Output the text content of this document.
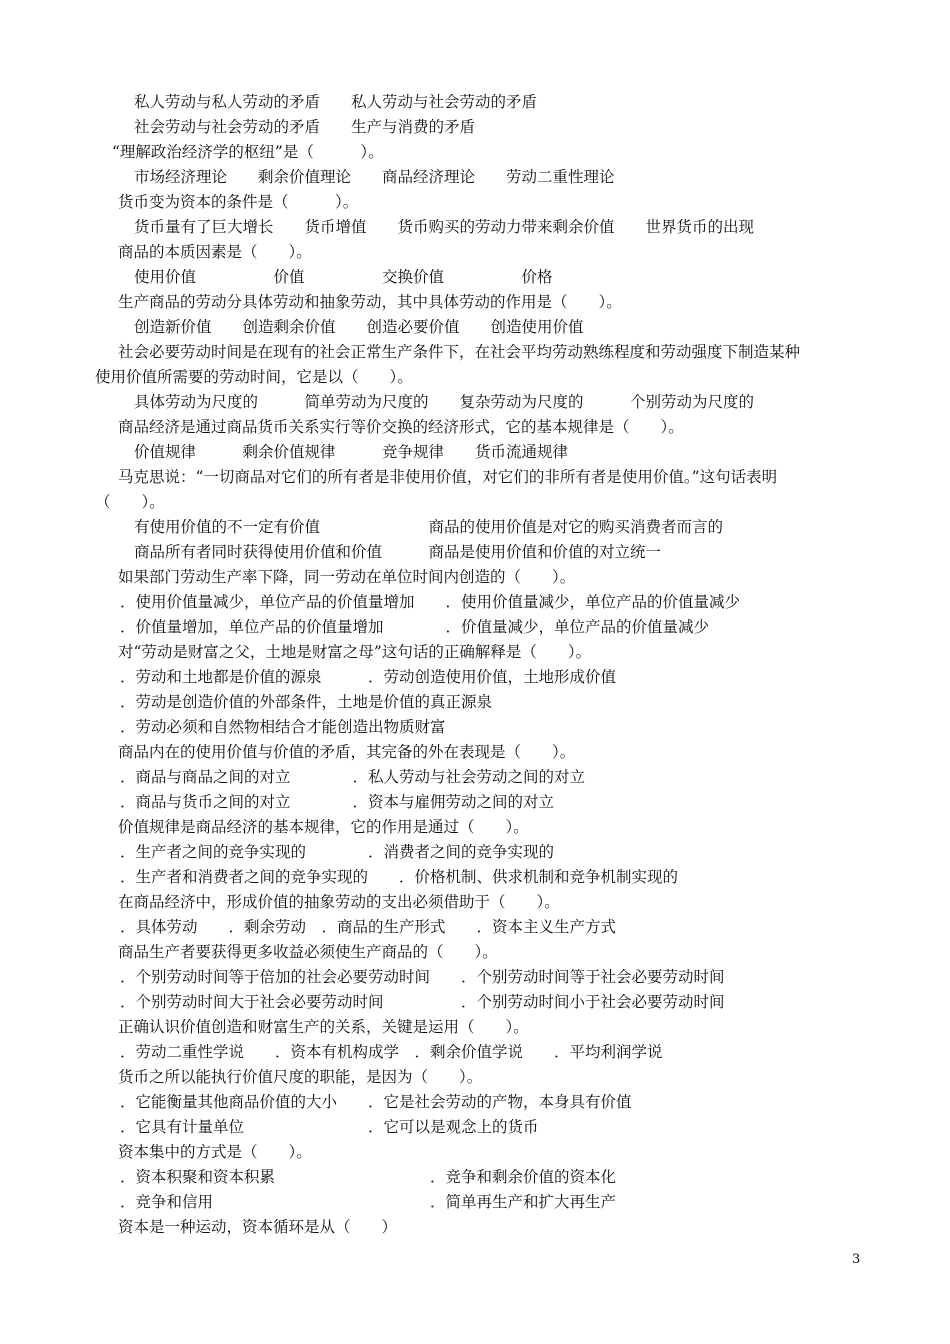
私人劳动与私人劳动的矛盾　　私人劳动与社会劳动的矛盾
社会劳动与社会劳动的矛盾　　生产与消费的矛盾
“理解政治经济学的枢纽”是（　　　）。
市场经济理论　　剩余价值理论　　商品经济理论　　劳动二重性理论
货币变为资本的条件是（　　　）。
货币量有了巨大增长　　货币增值　　货币购买的劳动力带来剩余价值　　世界货币的出现
商品的本质因素是（　　）。
使用价值　　　　　价值　　　　　交换价值　　　　　价格
生产商品的劳动分具体劳动和抽象劳动，其中具体劳动的作用是（　　）。
创造新价值　　创造剩余价值　　创造必要价值　　创造使用价值
社会必要劳动时间是在现有的社会正常生产条件下，在社会平均劳动熟练程度和劳动强度下制造某种
使用价值所需要的劳动时间，它是以（　　）。
具体劳动为尺度的　　　简单劳动为尺度的　　复杂劳动为尺度的　　　个别劳动为尺度的
商品经济是通过商品货币关系实行等价交换的经济形式，它的基本规律是（　　）。
价值规律　　　剩余价值规律　　　竞争规律　　货币流通规律
马克思说：“一切商品对它们的所有者是非使用价值，对它们的非所有者是使用价值。”这句话表明
（　　）。
有使用价值的不一定有价值　　　　　　　商品的使用价值是对它的购买消费者而言的
商品所有者同时获得使用价值和价值　　　商品是使用价值和价值的对立统一
如果部门劳动生产率下降，同一劳动在单位时间内创造的（　　）。
．使用价值量减少，单位产品的价值量增加　　．使用价值量减少，单位产品的价值量减少
．价值量增加，单位产品的价值量增加　　　　．价值量减少，单位产品的价值量减少
对“劳动是财富之父，土地是财富之母”这句话的正确解释是（　　）。
．劳动和土地都是价值的源泉　　　．劳动创造使用价值，土地形成价值
．劳动是创造价值的外部条件，土地是价值的真正源泉
．劳动必须和自然物相结合才能创造出物质财富
商品内在的使用价值与价值的矛盾，其完备的外在表现是（　　）。
．商品与商品之间的对立　　　　．私人劳动与社会劳动之间的对立
．商品与货币之间的对立　　　　．资本与雇佣劳动之间的对立
价值规律是商品经济的基本规律，它的作用是通过（　　）。
．生产者之间的竞争实现的　　　　．消费者之间的竞争实现的
．生产者和消费者之间的竞争实现的　　．价格机制、供求机制和竞争机制实现的
在商品经济中，形成价值的抽象劳动的支出必须借助于（　　）。
．具体劳动　　．剩余劳动　．商品的生产形式　　．资本主义生产方式
商品生产者要获得更多收益必须使生产商品的（　　）。
．个别劳动时间等于倍加的社会必要劳动时间　　．个别劳动时间等于社会必要劳动时间
．个别劳动时间大于社会必要劳动时间　　　　　．个别劳动时间小于社会必要劳动时间
正确认识价值创造和财富生产的关系，关键是运用（　　）。
．劳动二重性学说　　．资本有机构成学　．剩余价值学说　　．平均利润学说
货币之所以能执行价值尺度的职能，是因为（　　）。
．它能衡量其他商品价值的大小　　．它是社会劳动的产物，本身具有价值
．它具有计量单位　　　　　　　　．它可以是观念上的货币
资本集中的方式是（　　）。
．资本积聚和资本积累　　　　　　　　　　．竞争和剩余价值的资本化
．竞争和信用　　　　　　　　　　　　　　．简单再生产和扩大再生产
资本是一种运动，资本循环是从（　　）
3
